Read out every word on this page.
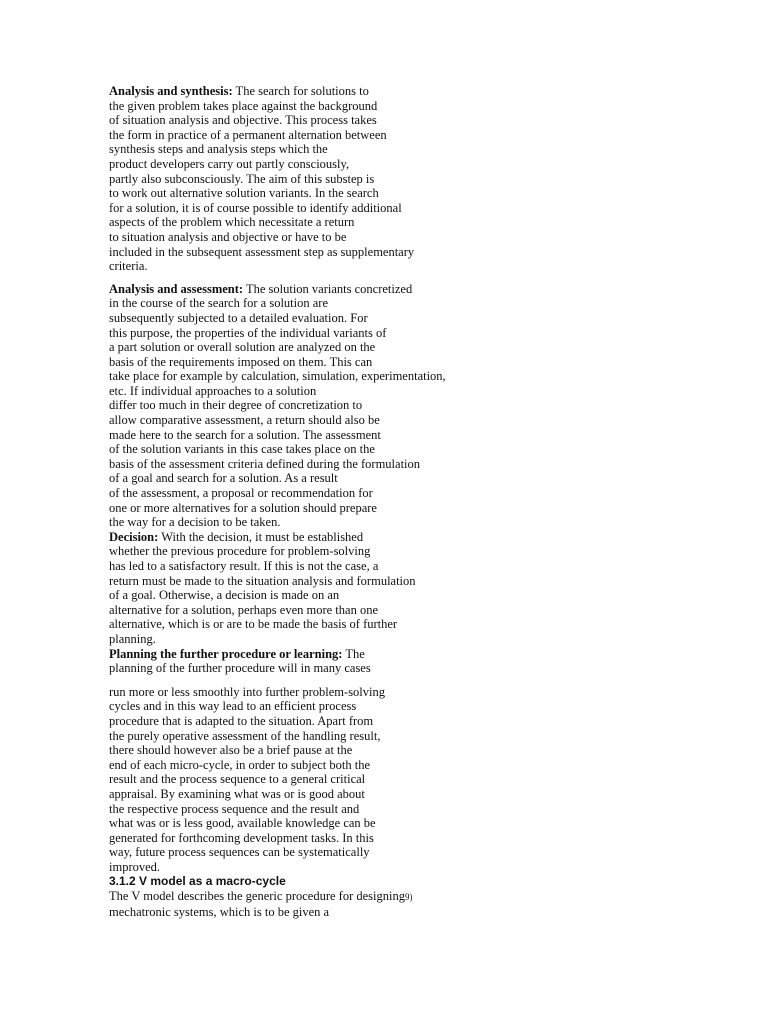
Analysis and synthesis: The search for solutions to
the given problem takes place against the background
of situation analysis and objective. This process takes
the form in practice of a permanent alternation between
synthesis steps and analysis steps which the
product developers carry out partly consciously,
partly also subconsciously. The aim of this substep is
to work out alternative solution variants. In the search
for a solution, it is of course possible to identify additional
aspects of the problem which necessitate a return
to situation analysis and objective or have to be
included in the subsequent assessment step as supplementary
criteria.
Analysis and assessment: The solution variants concretized
in the course of the search for a solution are
subsequently subjected to a detailed evaluation. For
this purpose, the properties of the individual variants of
a part solution or overall solution are analyzed on the
basis of the requirements imposed on them. This can
take place for example by calculation, simulation, experimentation,
etc. If individual approaches to a solution
differ too much in their degree of concretization to
allow comparative assessment, a return should also be
made here to the search for a solution. The assessment
of the solution variants in this case takes place on the
basis of the assessment criteria defined during the formulation
of a goal and search for a solution. As a result
of the assessment, a proposal or recommendation for
one or more alternatives for a solution should prepare
the way for a decision to be taken.
Decision: With the decision, it must be established
whether the previous procedure for problem-solving
has led to a satisfactory result. If this is not the case, a
return must be made to the situation analysis and formulation
of a goal. Otherwise, a decision is made on an
alternative for a solution, perhaps even more than one
alternative, which is or are to be made the basis of further
planning.
Planning the further procedure or learning: The
planning of the further procedure will in many cases
run more or less smoothly into further problem-solving
cycles and in this way lead to an efficient process
procedure that is adapted to the situation. Apart from
the purely operative assessment of the handling result,
there should however also be a brief pause at the
end of each micro-cycle, in order to subject both the
result and the process sequence to a general critical
appraisal. By examining what was or is good about
the respective process sequence and the result and
what was or is less good, available knowledge can be
generated for forthcoming development tasks. In this
way, future process sequences can be systematically
improved.
3.1.2 V model as a macro-cycle
The V model describes the generic procedure for designing9)
mechatronic systems, which is to be given a
